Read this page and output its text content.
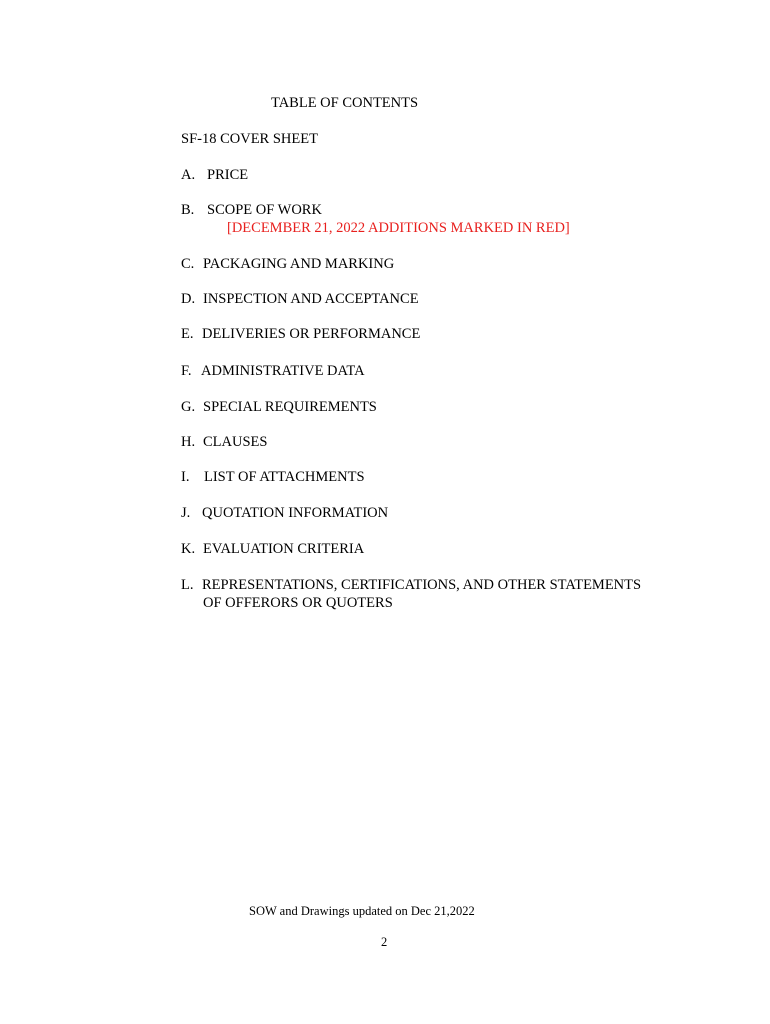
TABLE OF CONTENTS
SF-18 COVER SHEET
A. PRICE
B. SCOPE OF WORK
[DECEMBER 21, 2022 ADDITIONS MARKED IN RED]
C. PACKAGING AND MARKING
D. INSPECTION AND ACCEPTANCE
E. DELIVERIES OR PERFORMANCE
F. ADMINISTRATIVE DATA
G. SPECIAL REQUIREMENTS
H. CLAUSES
I. LIST OF ATTACHMENTS
J. QUOTATION INFORMATION
K. EVALUATION CRITERIA
L. REPRESENTATIONS, CERTIFICATIONS, AND OTHER STATEMENTS
OF OFFERORS OR QUOTERS
SOW and Drawings updated on Dec 21,2022
2
